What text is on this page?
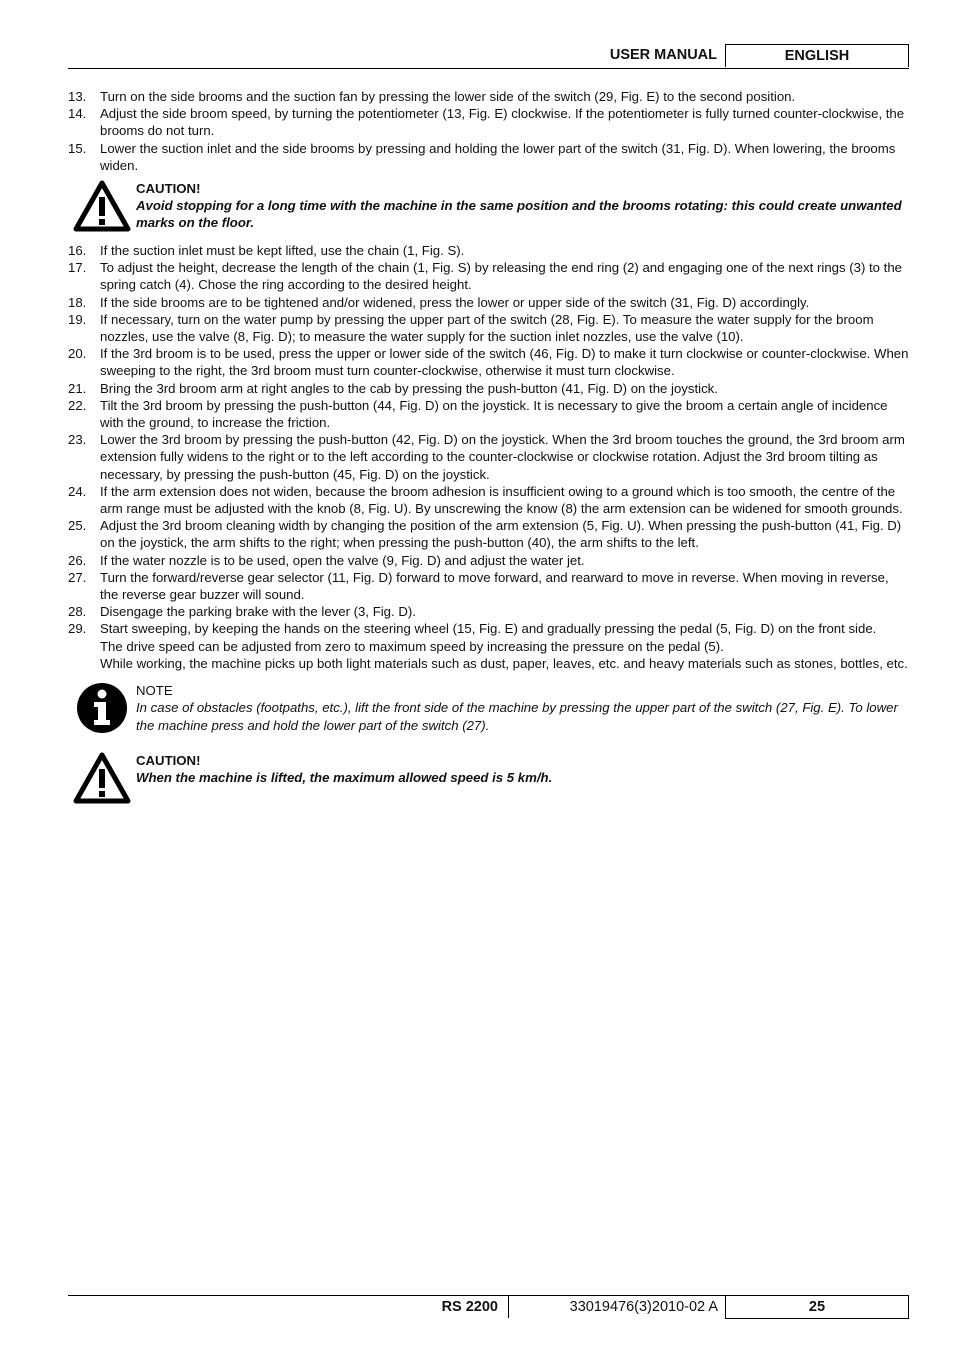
USER MANUAL	ENGLISH
13.	Turn on the side brooms and the suction fan by pressing the lower side of the switch (29, Fig. E) to the second position.
14.	Adjust the side broom speed, by turning the potentiometer (13, Fig. E) clockwise. If the potentiometer is fully turned counter-clockwise, the brooms do not turn.
15.	Lower the suction inlet and the side brooms by pressing and holding the lower part of the switch (31, Fig. D). When lowering, the brooms widen.
CAUTION!
Avoid stopping for a long time with the machine in the same position and the brooms rotating: this could create unwanted marks on the floor.
16.	If the suction inlet must be kept lifted, use the chain (1, Fig. S).
17.	To adjust the height, decrease the length of the chain (1, Fig. S) by releasing the end ring (2) and engaging one of the next rings (3) to the spring catch (4). Chose the ring according to the desired height.
18.	If the side brooms are to be tightened and/or widened, press the lower or upper side of the switch (31, Fig. D) accordingly.
19.	If necessary, turn on the water pump by pressing the upper part of the switch (28, Fig. E). To measure the water supply for the broom nozzles, use the valve (8, Fig. D); to measure the water supply for the suction inlet nozzles, use the valve (10).
20.	If the 3rd broom is to be used, press the upper or lower side of the switch (46, Fig. D) to make it turn clockwise or counter-clockwise. When sweeping to the right, the 3rd broom must turn counter-clockwise, otherwise it must turn clockwise.
21.	Bring the 3rd broom arm at right angles to the cab by pressing the push-button (41, Fig. D) on the joystick.
22.	Tilt the 3rd broom by pressing the push-button (44, Fig. D) on the joystick. It is necessary to give the broom a certain angle of incidence with the ground, to increase the friction.
23.	Lower the 3rd broom by pressing the push-button (42, Fig. D) on the joystick. When the 3rd broom touches the ground, the 3rd broom arm extension fully widens to the right or to the left according to the counter-clockwise or clockwise rotation. Adjust the 3rd broom tilting as necessary, by pressing the push-button (45, Fig. D) on the joystick.
24.	If the arm extension does not widen, because the broom adhesion is insufficient owing to a ground which is too smooth, the centre of the arm range must be adjusted with the knob (8, Fig. U). By unscrewing the know (8) the arm extension can be widened for smooth grounds.
25.	Adjust the 3rd broom cleaning width by changing the position of the arm extension (5, Fig. U). When pressing the push-button (41, Fig. D) on the joystick, the arm shifts to the right; when pressing the push-button (40), the arm shifts to the left.
26.	If the water nozzle is to be used, open the valve (9, Fig. D) and adjust the water jet.
27.	Turn the forward/reverse gear selector (11, Fig. D) forward to move forward, and rearward to move in reverse. When moving in reverse, the reverse gear buzzer will sound.
28.	Disengage the parking brake with the lever (3, Fig. D).
29.	Start sweeping, by keeping the hands on the steering wheel (15, Fig. E) and gradually pressing the pedal (5, Fig. D) on the front side.
The drive speed can be adjusted from zero to maximum speed by increasing the pressure on the pedal (5).
While working, the machine picks up both light materials such as dust, paper, leaves, etc. and heavy materials such as stones, bottles, etc.
NOTE
In case of obstacles (footpaths, etc.), lift the front side of the machine by pressing the upper part of the switch (27, Fig. E). To lower the machine press and hold the lower part of the switch (27).
CAUTION!
When the machine is lifted, the maximum allowed speed is 5 km/h.
RS 2200	33019476(3)2010-02 A	25
